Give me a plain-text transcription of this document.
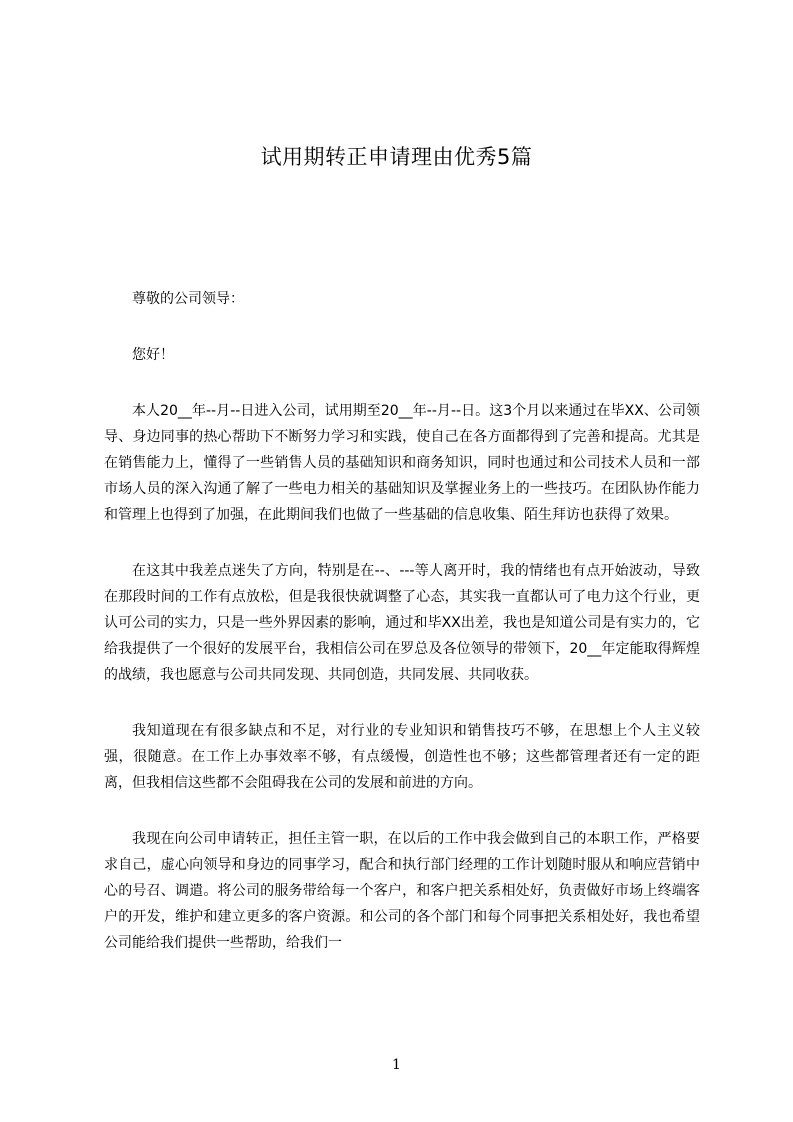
试用期转正申请理由优秀5篇

尊敬的公司领导：

您好！

本人20__年--月--日进入公司，试用期至20__年--月--日。这3个月以来通过在毕XX、公司领导、身边同事的热心帮助下不断努力学习和实践，使自己在各方面都得到了完善和提高。尤其是在销售能力上，懂得了一些销售人员的基础知识和商务知识，同时也通过和公司技术人员和一部市场人员的深入沟通了解了一些电力相关的基础知识及掌握业务上的一些技巧。在团队协作能力和管理上也得到了加强，在此期间我们也做了一些基础的信息收集、陌生拜访也获得了效果。

在这其中我差点迷失了方向，特别是在--、---等人离开时，我的情绪也有点开始波动，导致在那段时间的工作有点放松，但是我很快就调整了心态，其实我一直都认可了电力这个行业，更认可公司的实力，只是一些外界因素的影响，通过和毕XX出差，我也是知道公司是有实力的，它给我提供了一个很好的发展平台，我相信公司在罗总及各位领导的带领下，20__年定能取得辉煌的战绩，我也愿意与公司共同发现、共同创造，共同发展、共同收获。

我知道现在有很多缺点和不足，对行业的专业知识和销售技巧不够，在思想上个人主义较强，很随意。在工作上办事效率不够，有点缓慢，创造性也不够；这些都管理者还有一定的距离，但我相信这些都不会阻碍我在公司的发展和前进的方向。

我现在向公司申请转正，担任主管一职，在以后的工作中我会做到自己的本职工作，严格要求自己，虚心向领导和身边的同事学习，配合和执行部门经理的工作计划随时服从和响应营销中心的号召、调遣。将公司的服务带给每一个客户，和客户把关系相处好，负责做好市场上终端客户的开发，维护和建立更多的客户资源。和公司的各个部门和每个同事把关系相处好，我也希望公司能给我们提供一些帮助，给我们一

1
